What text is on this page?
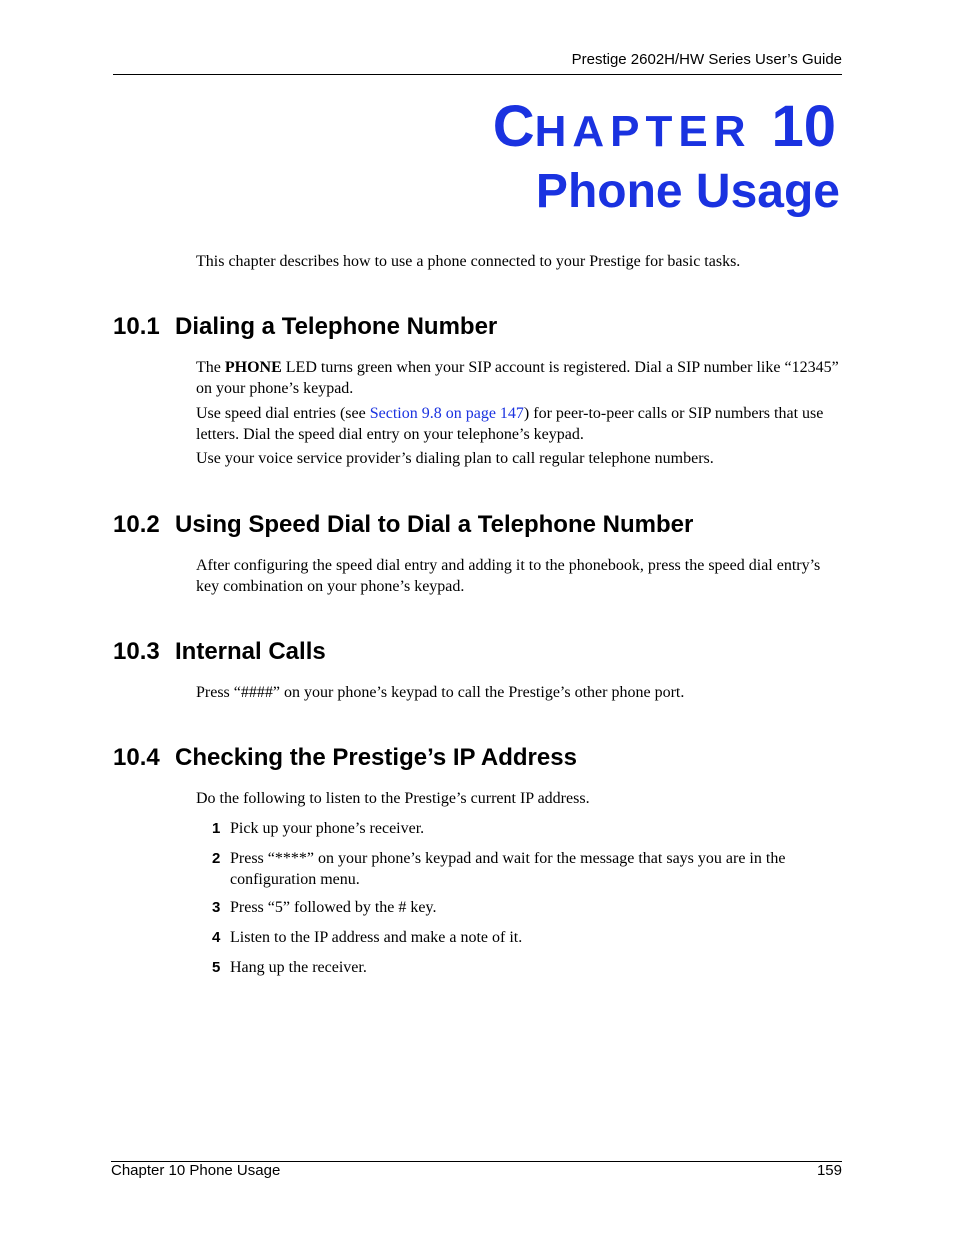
Prestige 2602H/HW Series User’s Guide
CHAPTER 10
Phone Usage
This chapter describes how to use a phone connected to your Prestige for basic tasks.
10.1 Dialing a Telephone Number
The PHONE LED turns green when your SIP account is registered. Dial a SIP number like “12345” on your phone’s keypad.
Use speed dial entries (see Section 9.8 on page 147) for peer-to-peer calls or SIP numbers that use letters. Dial the speed dial entry on your telephone’s keypad.
Use your voice service provider’s dialing plan to call regular telephone numbers.
10.2 Using Speed Dial to Dial a Telephone Number
After configuring the speed dial entry and adding it to the phonebook, press the speed dial entry’s key combination on your phone’s keypad.
10.3 Internal Calls
Press “####” on your phone’s keypad to call the Prestige’s other phone port.
10.4 Checking the Prestige’s IP Address
Do the following to listen to the Prestige’s current IP address.
1 Pick up your phone’s receiver.
2 Press “****” on your phone’s keypad and wait for the message that says you are in the configuration menu.
3 Press “5” followed by the # key.
4 Listen to the IP address and make a note of it.
5 Hang up the receiver.
Chapter 10 Phone Usage	159
